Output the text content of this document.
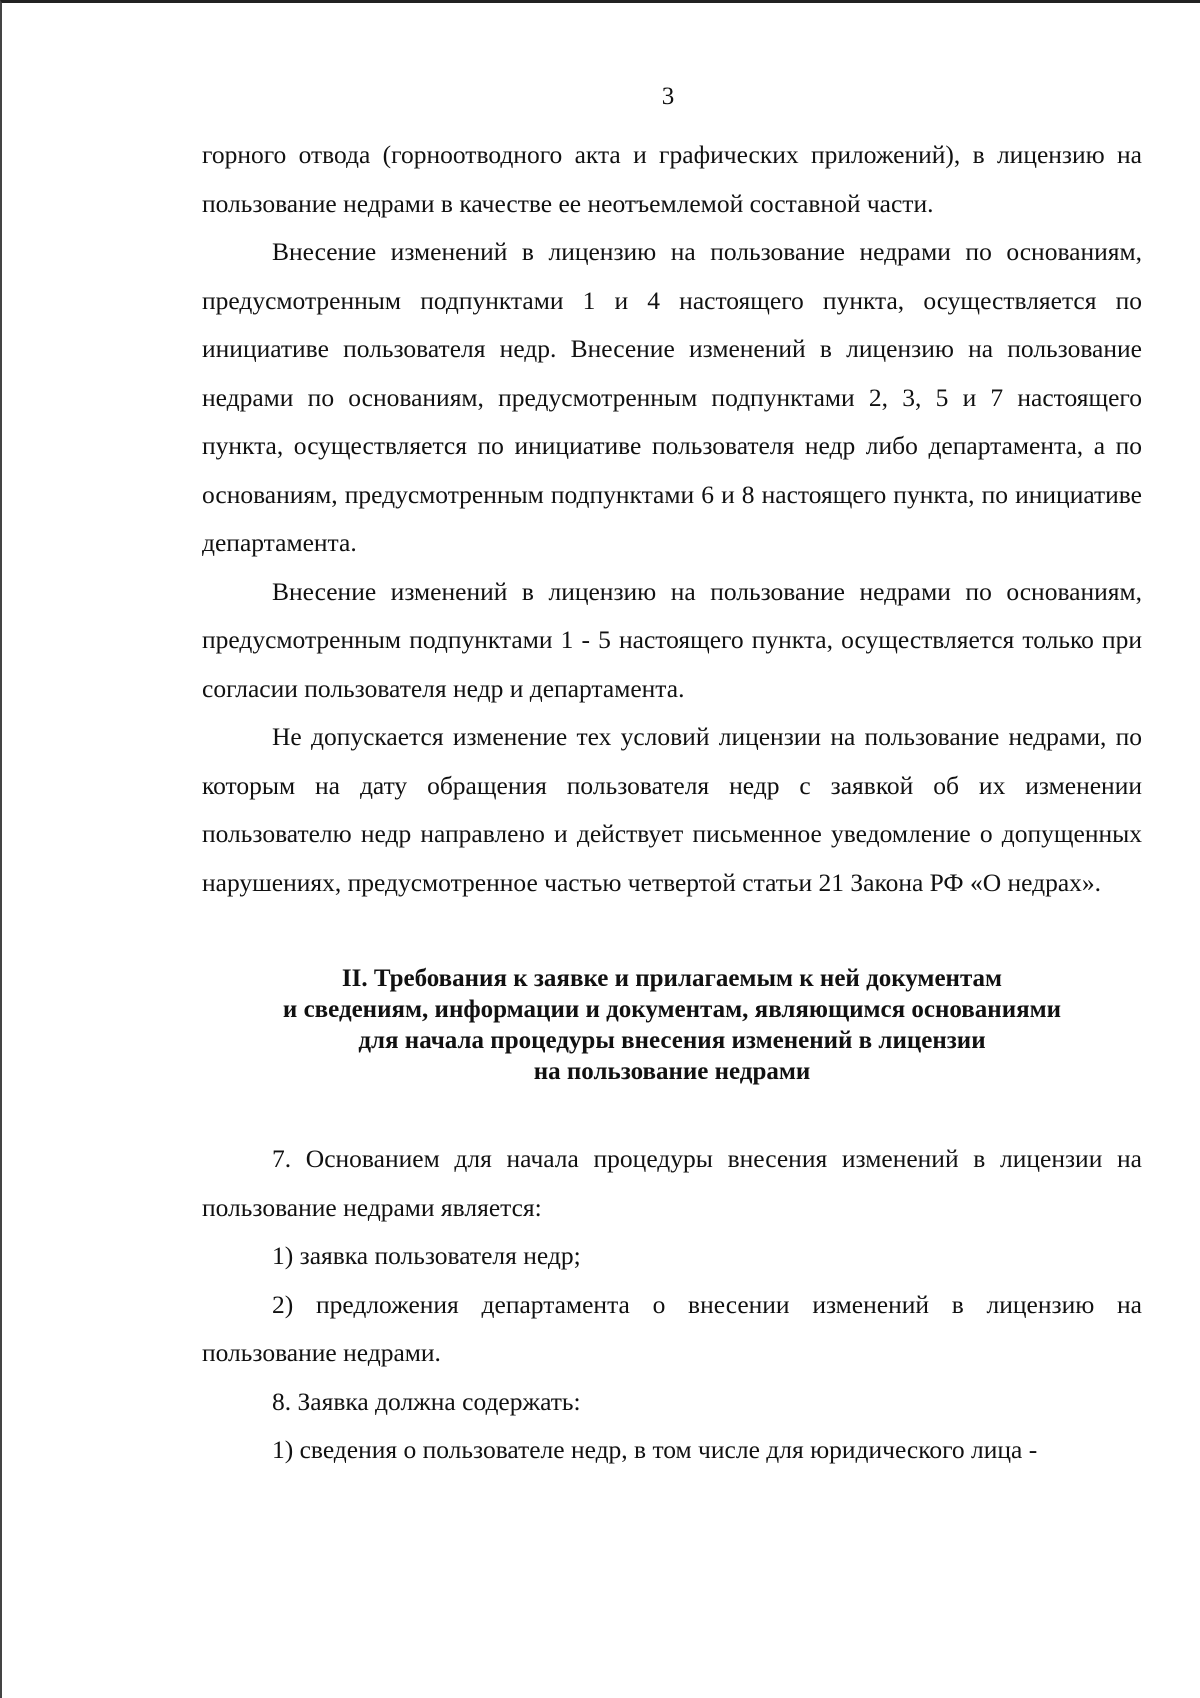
3

горного отвода (горноотводного акта и графических приложений), в лицензию на пользование недрами в качестве ее неотъемлемой составной части.

Внесение изменений в лицензию на пользование недрами по основаниям, предусмотренным подпунктами 1 и 4 настоящего пункта, осуществляется по инициативе пользователя недр. Внесение изменений в лицензию на пользование недрами по основаниям, предусмотренным подпунктами 2, 3, 5 и 7 настоящего пункта, осуществляется по инициативе пользователя недр либо департамента, а по основаниям, предусмотренным подпунктами 6 и 8 настоящего пункта, по инициативе департамента.

Внесение изменений в лицензию на пользование недрами по основаниям, предусмотренным подпунктами 1 - 5 настоящего пункта, осуществляется только при согласии пользователя недр и департамента.

Не допускается изменение тех условий лицензии на пользование недрами, по которым на дату обращения пользователя недр с заявкой об их изменении пользователю недр направлено и действует письменное уведомление о допущенных нарушениях, предусмотренное частью четвертой статьи 21 Закона РФ «О недрах».

II. Требования к заявке и прилагаемым к ней документам
и сведениям, информации и документам, являющимся основаниями
для начала процедуры внесения изменений в лицензии
на пользование недрами

7. Основанием для начала процедуры внесения изменений в лицензии на пользование недрами является:

1) заявка пользователя недр;

2) предложения департамента о внесении изменений в лицензию на пользование недрами.

8. Заявка должна содержать:

1) сведения о пользователе недр, в том числе для юридического лица -
